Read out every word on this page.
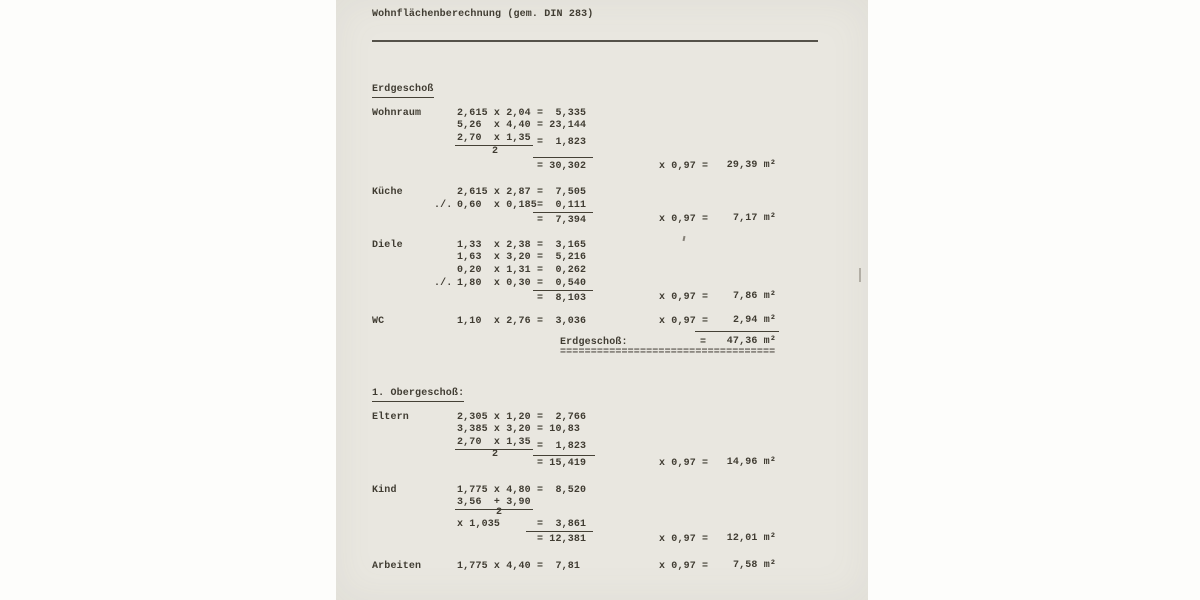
Wohnflächenberechnung (gem. DIN 283)
Erdgeschoß
Wohnraum	2,615 x 2,04 =  5,335
5,26  x 4,40 = 23,144
2,70  x 1,35 =  1,823
2
= 30,302	x 0,97 =	29,39 m²
Küche	2,615 x 2,87 =  7,505
./. 0,60  x 0,185 =  0,111
=  7,394	x 0,97 =	7,17 m²
Diele	1,33  x 2,38 =  3,165
1,63  x 3,20 =  5,216
0,20  x 1,31 =  0,262
./. 1,80  x 0,30 =  0,540
=  8,103	x 0,97 =	7,86 m²
WC	1,10  x 2,76 =  3,036	x 0,97 =	2,94 m²
Erdgeschoß:	=	47,36 m²
===================================
1. Obergeschoß:
Eltern	2,305 x 1,20 =  2,766
3,385 x 3,20 = 10,83
2,70  x 1,35 =  1,823
2
= 15,419	x 0,97 =	14,96 m²
Kind	1,775 x 4,80 =  8,520
3,56  + 3,90
2
x 1,035	=  3,861
= 12,381	x 0,97 =	12,01 m²
Arbeiten	1,775 x 4,40 =  7,81	x 0,97 =	7,58 m²
